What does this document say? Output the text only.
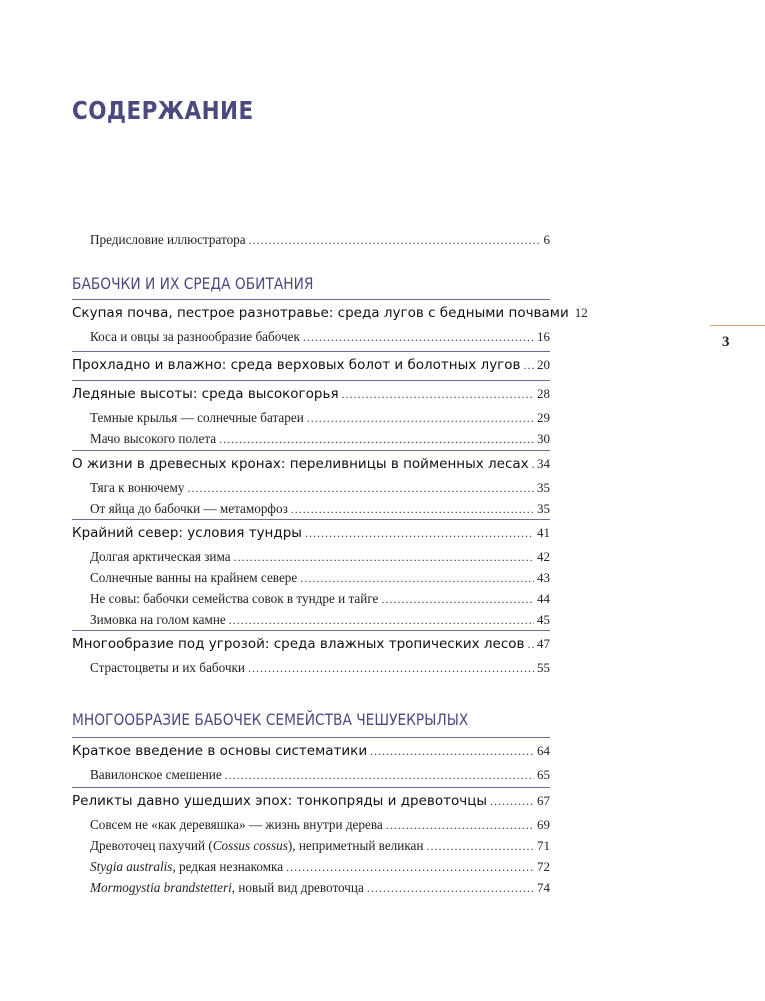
СОДЕРЖАНИЕ
Предисловие иллюстратора . . .	6
БАБОЧКИ И ИХ СРЕДА ОБИТАНИЯ
Скупая почва, пестрое разнотравье: среда лугов с бедными почвами 12
Коса и овцы за разнообразие бабочек . . .	16
Прохладно и влажно: среда верховых болот и болотных лугов . . . 20
Ледяные высоты: среда высокогорья . . .	28
Темные крылья — солнечные батареи . . .	29
Мачо высокого полета . . .	30
О жизни в древесных кронах: переливницы в пойменных лесах . . . 34
Тяга к вонючему . . .	35
От яйца до бабочки — метаморфоз . . .	35
Крайний север: условия тундры . . .	41
Долгая арктическая зима . . .	42
Солнечные ванны на крайнем севере . . .	43
Не совы: бабочки семейства совок в тундре и тайге . . .	44
Зимовка на голом камне . . .	45
Многообразие под угрозой: среда влажных тропических лесов . . . 47
Страстоцветы и их бабочки . . .	55
МНОГООБРАЗИЕ БАБОЧЕК СЕМЕЙСТВА ЧЕШУЕКРЫЛЫХ
Краткое введение в основы систематики . . .	64
Вавилонское смешение . . .	65
Реликты давно ушедших эпох: тонкопряды и древоточцы . . .	67
Совсем не «как деревяшка» — жизнь внутри дерева . . .	69
Древоточец пахучий (Cossus cossus), неприметный великан . . .	71
Stygia australis, редкая незнакомка . . .	72
Mormogystia brandstetteri, новый вид древоточца . . .	74
3
